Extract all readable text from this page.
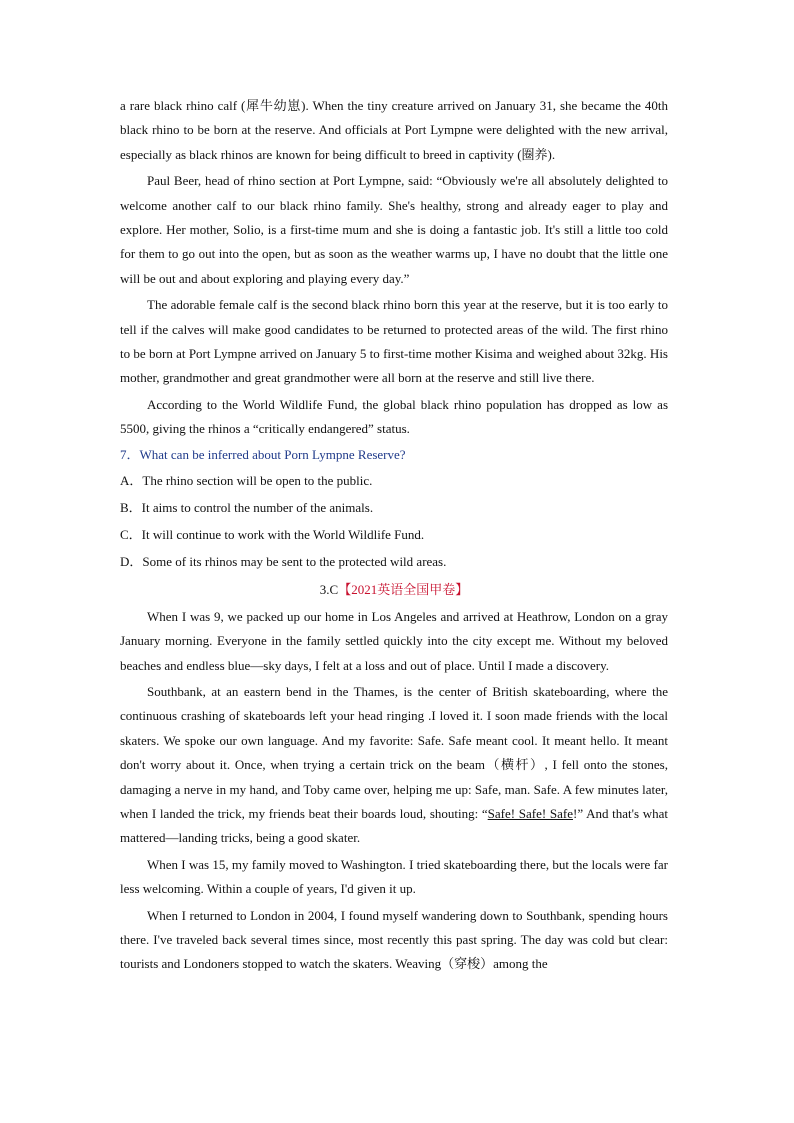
a rare black rhino calf (犀牛幼崽). When the tiny creature arrived on January 31, she became the 40th black rhino to be born at the reserve. And officials at Port Lympne were delighted with the new arrival, especially as black rhinos are known for being difficult to breed in captivity (圈养).

Paul Beer, head of rhino section at Port Lympne, said: “Obviously we're all absolutely delighted to welcome another calf to our black rhino family. She's healthy, strong and already eager to play and explore. Her mother, Solio, is a first-time mum and she is doing a fantastic job. It's still a little too cold for them to go out into the open, but as soon as the weather warms up, I have no doubt that the little one will be out and about exploring and playing every day.”

The adorable female calf is the second black rhino born this year at the reserve, but it is too early to tell if the calves will make good candidates to be returned to protected areas of the wild. The first rhino to be born at Port Lympne arrived on January 5 to first-time mother Kisima and weighed about 32kg. His mother, grandmother and great grandmother were all born at the reserve and still live there.

According to the World Wildlife Fund, the global black rhino population has dropped as low as 5500, giving the rhinos a “critically endangered” status.

7．What can be inferred about Porn Lympne Reserve?

A．The rhino section will be open to the public.

B．It aims to control the number of the animals.

C．It will continue to work with the World Wildlife Fund.

D．Some of its rhinos may be sent to the protected wild areas.

3.C【2021英语全国甲卷】

When I was 9, we packed up our home in Los Angeles and arrived at Heathrow, London on a gray January morning. Everyone in the family settled quickly into the city except me. Without my beloved beaches and endless blue—sky days, I felt at a loss and out of place. Until I made a discovery.

Southbank, at an eastern bend in the Thames, is the center of British skateboarding, where the continuous crashing of skateboards left your head ringing .I loved it. I soon made friends with the local skaters. We spoke our own language. And my favorite: Safe. Safe meant cool. It meant hello. It meant don't worry about it. Once, when trying a certain trick on the beam（横杆）, I fell onto the stones, damaging a nerve in my hand, and Toby came over, helping me up: Safe, man. Safe. A few minutes later, when I landed the trick, my friends beat their boards loud, shouting: “Safe! Safe! Safe!” And that's what mattered—landing tricks, being a good skater.

When I was 15, my family moved to Washington. I tried skateboarding there, but the locals were far less welcoming. Within a couple of years, I'd given it up.

When I returned to London in 2004, I found myself wandering down to Southbank, spending hours there. I've traveled back several times since, most recently this past spring. The day was cold but clear: tourists and Londoners stopped to watch the skaters. Weaving（穿梭）among the
